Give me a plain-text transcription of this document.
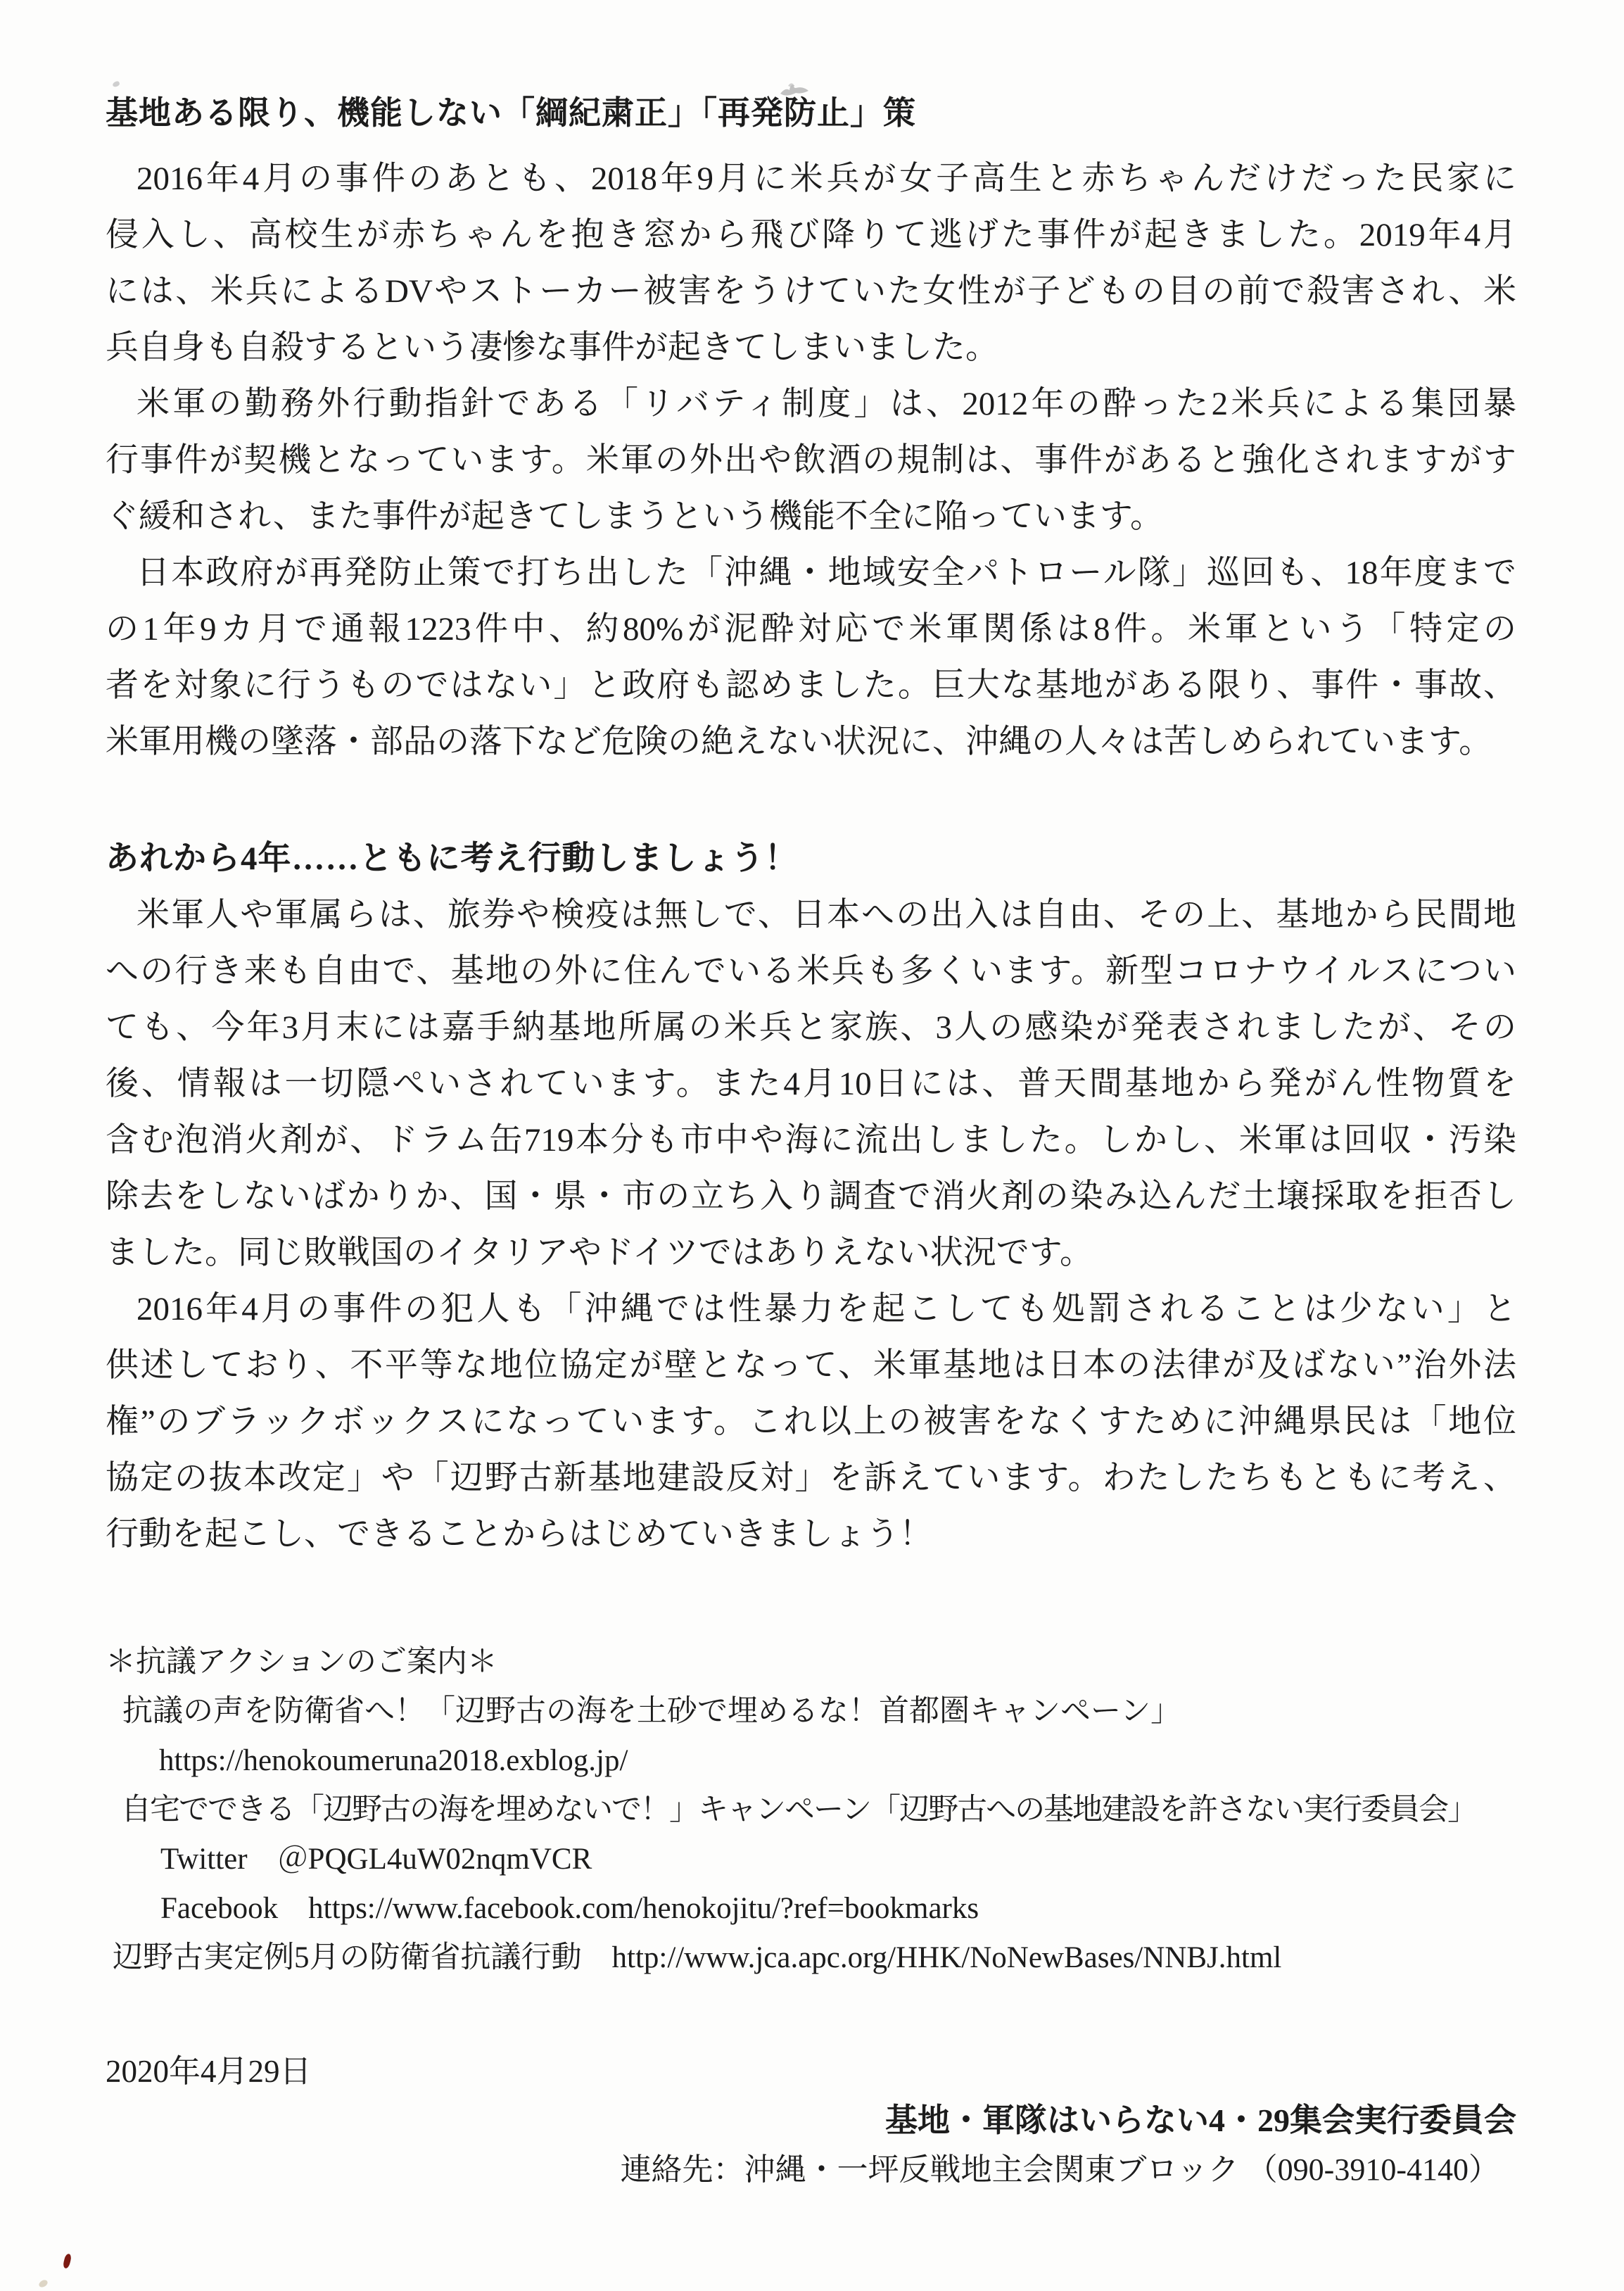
基地ある限り、機能しない「綱紀粛正」「再発防止」策
2016年4月の事件のあとも、2018年9月に米兵が女子高生と赤ちゃんだけだった民家に
侵入し、高校生が赤ちゃんを抱き窓から飛び降りて逃げた事件が起きました。2019年4月
には、米兵によるDVやストーカー被害をうけていた女性が子どもの目の前で殺害され、米
兵自身も自殺するという凄惨な事件が起きてしまいました。
米軍の勤務外行動指針である「リバティ制度」は、2012年の酔った2米兵による集団暴
行事件が契機となっています。米軍の外出や飲酒の規制は、事件があると強化されますがす
ぐ緩和され、また事件が起きてしまうという機能不全に陥っています。
日本政府が再発防止策で打ち出した「沖縄・地域安全パトロール隊」巡回も、18年度まで
の1年9カ月で通報1223件中、約80%が泥酔対応で米軍関係は8件。米軍という「特定の
者を対象に行うものではない」と政府も認めました。巨大な基地がある限り、事件・事故、
米軍用機の墜落・部品の落下など危険の絶えない状況に、沖縄の人々は苦しめられています。
あれから4年……ともに考え行動しましょう！
米軍人や軍属らは、旅券や検疫は無しで、日本への出入は自由、その上、基地から民間地
への行き来も自由で、基地の外に住んでいる米兵も多くいます。新型コロナウイルスについ
ても、今年3月末には嘉手納基地所属の米兵と家族、3人の感染が発表されましたが、その
後、情報は一切隠ぺいされています。また4月10日には、普天間基地から発がん性物質を
含む泡消火剤が、ドラム缶719本分も市中や海に流出しました。しかし、米軍は回収・汚染
除去をしないばかりか、国・県・市の立ち入り調査で消火剤の染み込んだ土壌採取を拒否し
ました。同じ敗戦国のイタリアやドイツではありえない状況です。
2016年4月の事件の犯人も「沖縄では性暴力を起こしても処罰されることは少ない」と
供述しており、不平等な地位協定が壁となって、米軍基地は日本の法律が及ばない”治外法
権”のブラックボックスになっています。これ以上の被害をなくすために沖縄県民は「地位
協定の抜本改定」や「辺野古新基地建設反対」を訴えています。わたしたちもともに考え、
行動を起こし、できることからはじめていきましょう！
＊抗議アクションのご案内＊
抗議の声を防衛省へ！「辺野古の海を土砂で埋めるな！首都圏キャンペーン」
https://henokoumeruna2018.exblog.jp/
自宅でできる「辺野古の海を埋めないで！」キャンペーン「辺野古への基地建設を許さない実行委員会」
Twitter　＠PQGL4uW02nqmVCR
Facebook　https://www.facebook.com/henokojitu/?ref=bookmarks
辺野古実定例5月の防衛省抗議行動　http://www.jca.apc.org/HHK/NoNewBases/NNBJ.html
2020年4月29日
基地・軍隊はいらない4・29集会実行委員会
連絡先：沖縄・一坪反戦地主会関東ブロック （090-3910-4140）
